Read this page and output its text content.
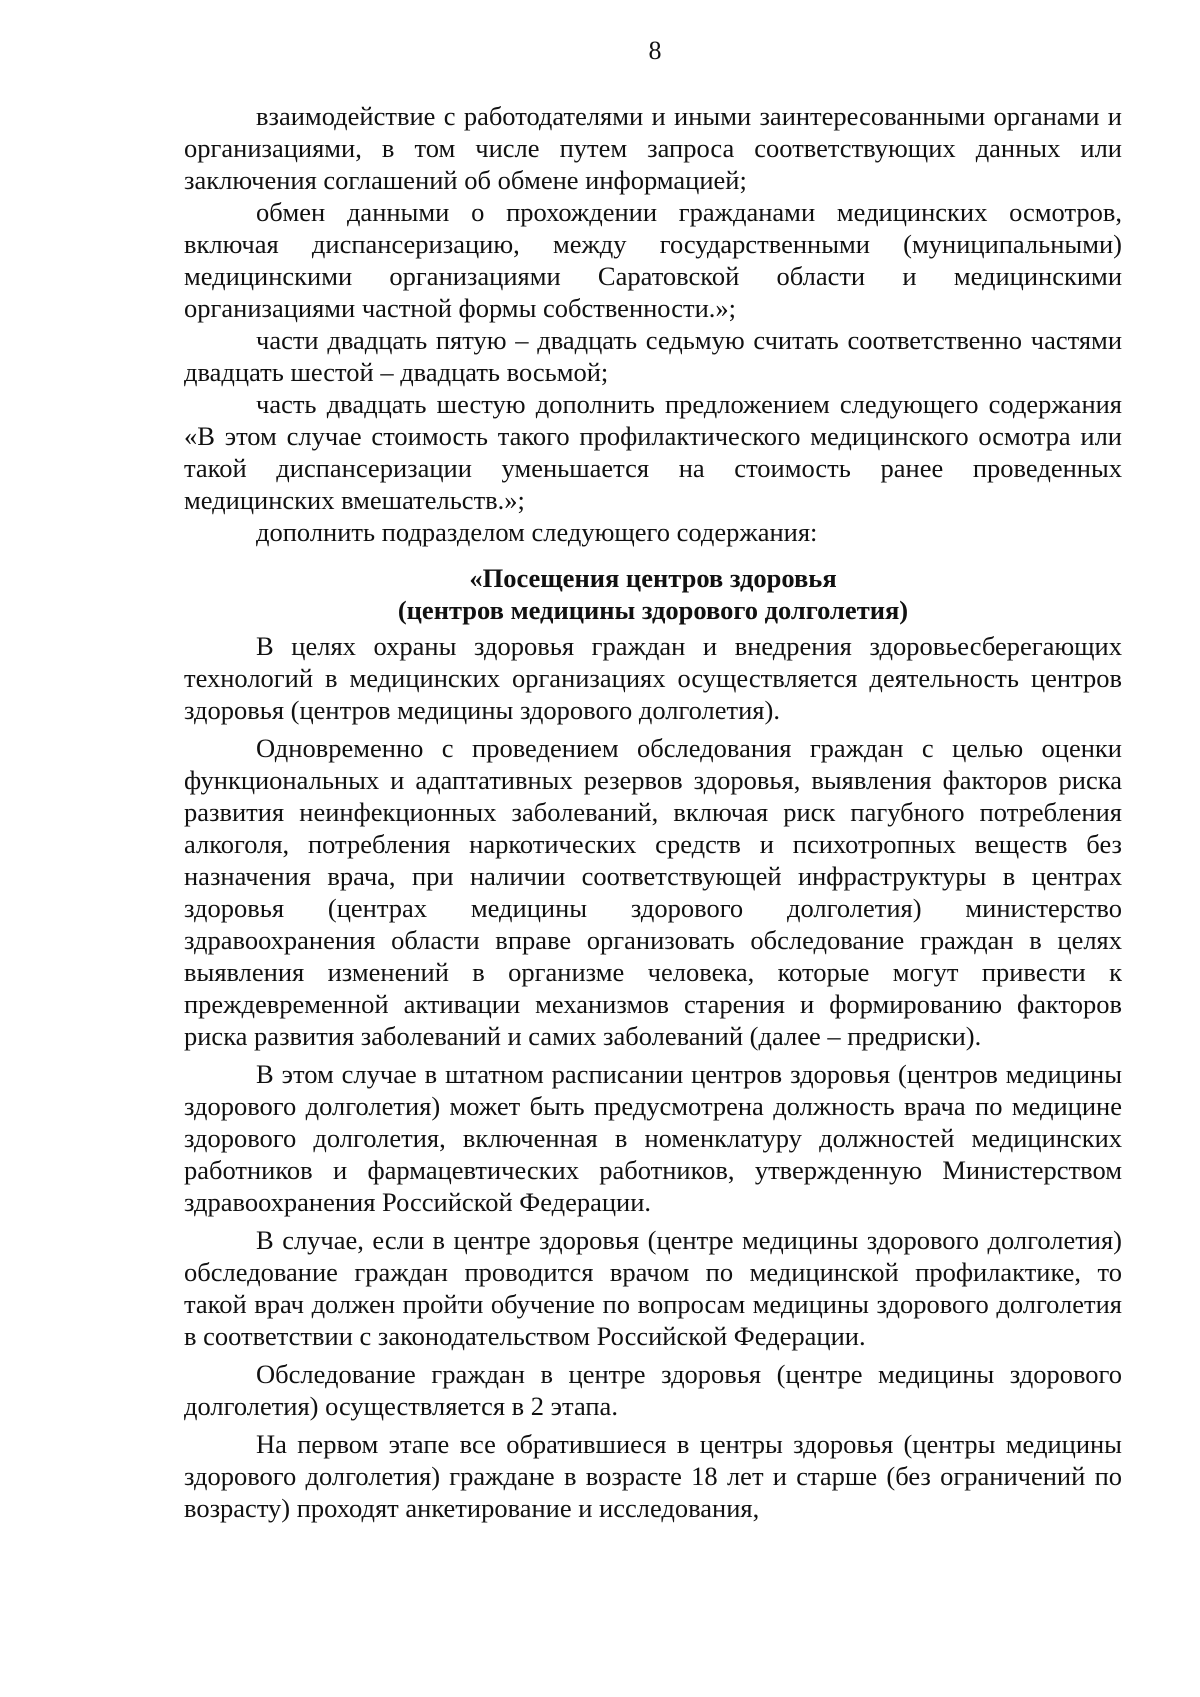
8

взаимодействие с работодателями и иными заинтересованными органами и организациями, в том числе путем запроса соответствующих данных или заключения соглашений об обмене информацией;

обмен данными о прохождении гражданами медицинских осмотров, включая диспансеризацию, между государственными (муниципальными) медицинскими организациями Саратовской области и медицинскими организациями частной формы собственности.»;

части двадцать пятую – двадцать седьмую считать соответственно частями двадцать шестой – двадцать восьмой;

часть двадцать шестую дополнить предложением следующего содержания «В этом случае стоимость такого профилактического медицинского осмотра или такой диспансеризации уменьшается на стоимость ранее проведенных медицинских вмешательств.»;

дополнить подразделом следующего содержания:

«Посещения центров здоровья
(центров медицины здорового долголетия)

В целях охраны здоровья граждан и внедрения здоровьесберегающих технологий в медицинских организациях осуществляется деятельность центров здоровья (центров медицины здорового долголетия).

Одновременно с проведением обследования граждан с целью оценки функциональных и адаптативных резервов здоровья, выявления факторов риска развития неинфекционных заболеваний, включая риск пагубного потребления алкоголя, потребления наркотических средств и психотропных веществ без назначения врача, при наличии соответствующей инфраструктуры в центрах здоровья (центрах медицины здорового долголетия) министерство здравоохранения области вправе организовать обследование граждан в целях выявления изменений в организме человека, которые могут привести к преждевременной активации механизмов старения и формированию факторов риска развития заболеваний и самих заболеваний (далее – предриски).

В этом случае в штатном расписании центров здоровья (центров медицины здорового долголетия) может быть предусмотрена должность врача по медицине здорового долголетия, включенная в номенклатуру должностей медицинских работников и фармацевтических работников, утвержденную Министерством здравоохранения Российской Федерации.

В случае, если в центре здоровья (центре медицины здорового долголетия) обследование граждан проводится врачом по медицинской профилактике, то такой врач должен пройти обучение по вопросам медицины здорового долголетия в соответствии с законодательством Российской Федерации.

Обследование граждан в центре здоровья (центре медицины здорового долголетия) осуществляется в 2 этапа.

На первом этапе все обратившиеся в центры здоровья (центры медицины здорового долголетия) граждане в возрасте 18 лет и старше (без ограничений по возрасту) проходят анкетирование и исследования,
